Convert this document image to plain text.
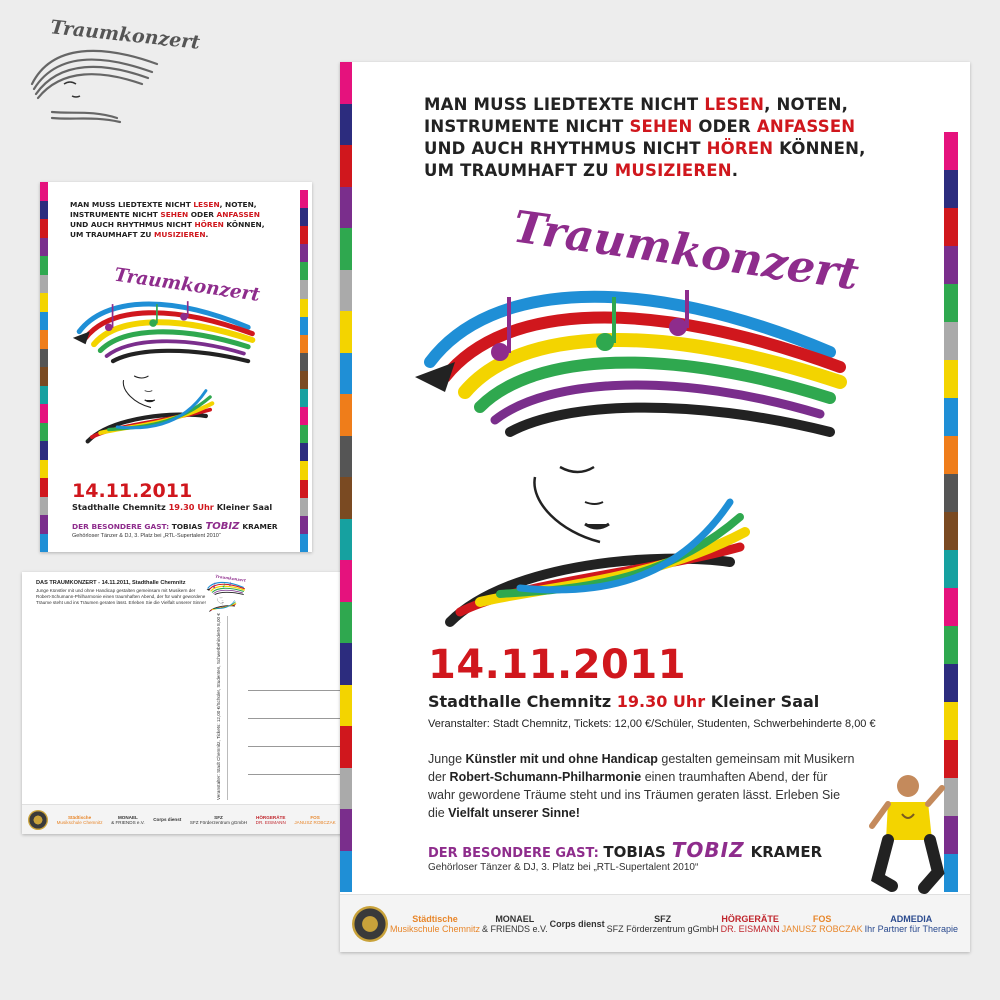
Traumkonzert
MAN MUSS LIEDTEXTE NICHT LESEN, NOTEN,
INSTRUMENTE NICHT SEHEN ODER ANFASSEN
UND AUCH RHYTHMUS NICHT HÖREN KÖNNEN,
UM TRAUMHAFT ZU MUSIZIEREN.
14.11.2011
Stadthalle Chemnitz 19.30 Uhr Kleiner Saal
DER BESONDERE GAST: TOBIAS TOBIZ KRAMER
Gehörloser Tänzer & DJ, 3. Platz bei „RTL-Supertalent 2010“
DAS TRAUMKONZERT - 14.11.2011, Stadthalle Chemnitz
Junge Künstler mit und ohne Handicap gestalten gemeinsam mit Musikern der Robert-Schumann-Philharmonie einen traumhaften Abend, der für wahr gewordene Träume steht und ins Träumen geraten lässt. Erleben Sie die Vielfalt unserer Sinne!
Veranstalter: Stadt Chemnitz, Tickets: 12,00 €/Schüler, Studenten, Schwerbehinderte 8,00 €
Städtische
Musikschule Chemnitz
MONAEL
& FRIENDS e.V. Corps dienst	SFZ
SFZ Förderzentrum gGmbH
HÖRGERÄTE
DR. EISMANN
FOS
JANUSZ ROBCZAK
MAN MUSS LIEDTEXTE NICHT LESEN, NOTEN,
INSTRUMENTE NICHT SEHEN ODER ANFASSEN
UND AUCH RHYTHMUS NICHT HÖREN KÖNNEN,
UM TRAUMHAFT ZU MUSIZIEREN.
14.11.2011
Stadthalle Chemnitz 19.30 Uhr Kleiner Saal
Veranstalter: Stadt Chemnitz, Tickets: 12,00 €/Schüler, Studenten, Schwerbehinderte 8,00 €
Junge Künstler mit und ohne Handicap gestalten gemeinsam mit Musikern der Robert-Schumann-Philharmonie einen traumhaften Abend, der für wahr gewordene Träume steht und ins Träumen geraten lässt. Erleben Sie die Vielfalt unserer Sinne!
DER BESONDERE GAST: TOBIAS TOBIZ KRAMER
Gehörloser Tänzer & DJ, 3. Platz bei „RTL-Supertalent 2010“
Städtische
Musikschule Chemnitz
MONAEL
& FRIENDS e.V. Corps dienst	SFZ
SFZ Förderzentrum gGmbH
HÖRGERÄTE
DR. EISMANN
FOS
JANUSZ ROBCZAK
ADMEDIA
Ihr Partner für Therapie
